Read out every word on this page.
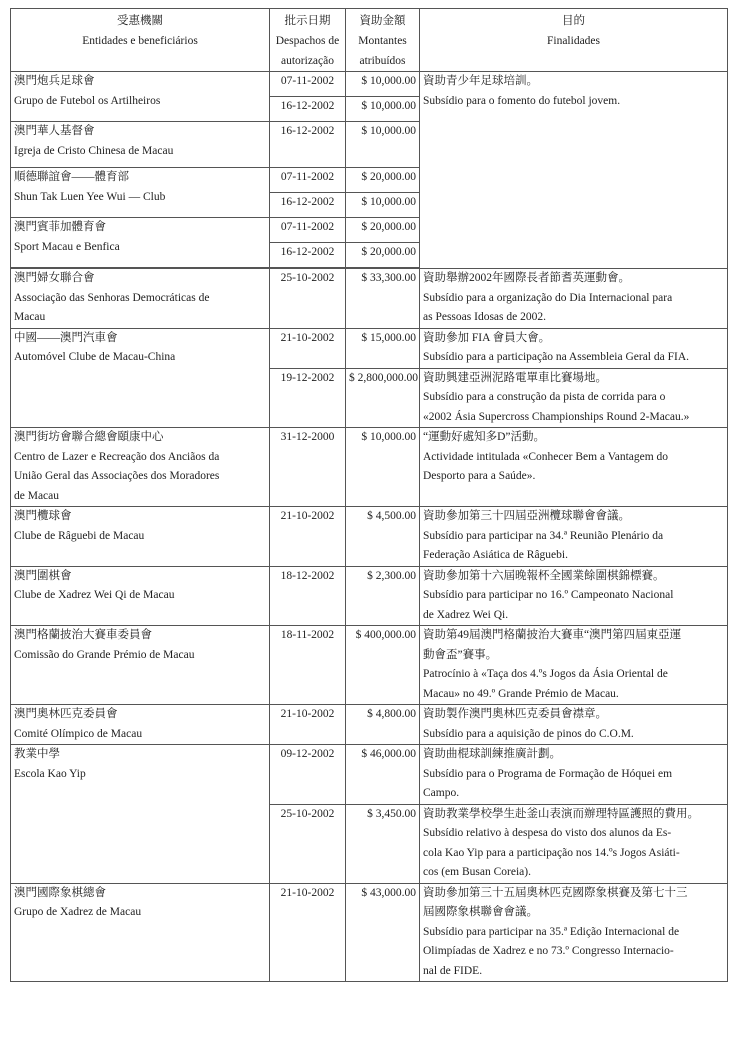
受惠機關
Entidades e beneficiários	批示日期
Despachos de
autorização	資助金額
Montantes
atribuídos	目的
Finalidades

澳門炮兵足球會
Grupo de Futebol os Artilheiros	07-11-2002	$ 10,000.00	資助青少年足球培訓。
Subsídio para o fomento do futebol jovem.

	16-12-2002	$ 10,000.00	

澳門華人基督會
Igreja de Cristo Chinesa de Macau	16-12-2002	$ 10,000.00	

順德聯誼會——體育部
Shun Tak Luen Yee Wui — Club	07-11-2002	$ 20,000.00	
	16-12-2002	$ 10,000.00	

澳門賓菲加體育會
Sport Macau e Benfica	07-11-2002	$ 20,000.00	
	16-12-2002	$ 20,000.00	

澳門婦女聯合會
Associação das Senhoras Democráticas de
Macau	25-10-2002	$ 33,300.00	資助舉辦2002年國際長者節耆英運動會。
Subsídio para a organização do Dia Internacional para
as Pessoas Idosas de 2002.

中國——澳門汽車會
Automóvel Clube de Macau-China	21-10-2002	$ 15,000.00	資助參加 FIA 會員大會。
Subsídio para a participação na Assembleia Geral da FIA.

	19-12-2002	$ 2,800,000.00	資助興建亞洲泥路電單車比賽場地。
Subsídio para a construção da pista de corrida para o
«2002 Ásia Supercross Championships Round 2-Macau.»

澳門街坊會聯合總會頤康中心
Centro de Lazer e Recreação dos Anciãos da
União Geral das Associações dos Moradores
de Macau	31-12-2000	$ 10,000.00	“運動好處知多D”活動。
Actividade intitulada «Conhecer Bem a Vantagem do
Desporto para a Saúde».

澳門欖球會
Clube de Râguebi de Macau	21-10-2002	$ 4,500.00	資助參加第三十四屆亞洲欖球聯會會議。
Subsídio para participar na 34.ª Reunião Plenário da
Federação Asiática de Râguebi.

澳門圍棋會
Clube de Xadrez Wei Qi de Macau	18-12-2002	$ 2,300.00	資助參加第十六屆晚報杯全國業餘圍棋錦標賽。
Subsídio para participar no 16.º Campeonato Nacional
de Xadrez Wei Qi.

澳門格蘭披治大賽車委員會
Comissão do Grande Prémio de Macau	18-11-2002	$ 400,000.00	資助第49屆澳門格蘭披治大賽車“澳門第四屆東亞運
動會盃”賽事。
Patrocínio à «Taça dos 4.ºs Jogos da Ásia Oriental de
Macau» no 49.º Grande Prémio de Macau.

澳門奧林匹克委員會
Comité Olímpico de Macau	21-10-2002	$ 4,800.00	資助製作澳門奧林匹克委員會襟章。
Subsídio para a aquisição de pinos do C.O.M.

教業中學
Escola Kao Yip	09-12-2002	$ 46,000.00	資助曲棍球訓練推廣計劃。
Subsídio para o Programa de Formação de Hóquei em
Campo.

	25-10-2002	$ 3,450.00	資助教業學校學生赴釜山表演而辦理特區護照的費用。
Subsídio relativo à despesa do visto dos alunos da Es-
cola Kao Yip para a participação nos 14.ºs Jogos Asiáti-
cos (em Busan Coreia).

澳門國際象棋總會
Grupo de Xadrez de Macau	21-10-2002	$ 43,000.00	資助參加第三十五屆奧林匹克國際象棋賽及第七十三
屆國際象棋聯會會議。
Subsídio para participar na 35.ª Edição Internacional de
Olimpíadas de Xadrez e no 73.º Congresso Internacio-
nal de FIDE.
